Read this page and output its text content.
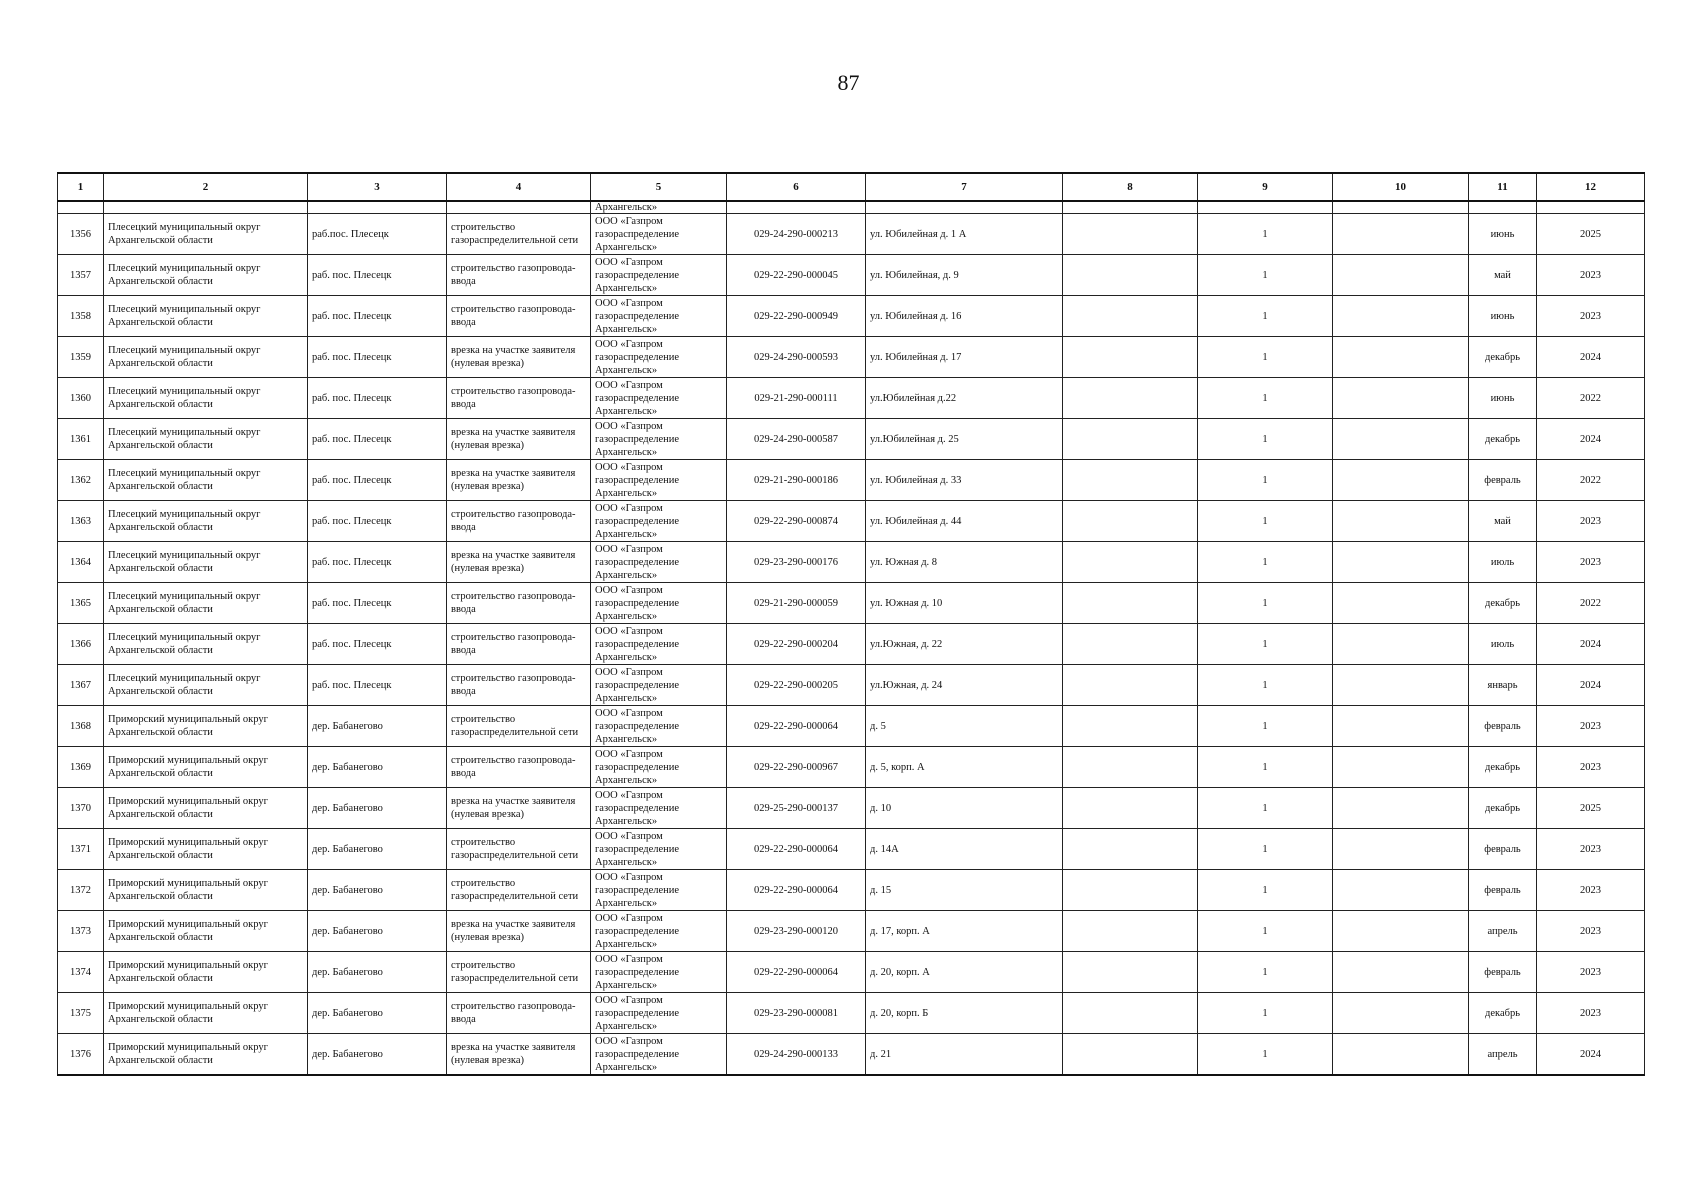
87
1	2	3	4	5	6	7	8	9	10	11	12
				Архангельск»							
1356	Плесецкий муниципальный округ Архангельской области	раб.пос. Плесецк	строительство газораспределительной сети	ООО «Газпром газораспределение Архангельск»	029-24-290-000213	ул. Юбилейная д. 1 А		1		июнь	2025
1357	Плесецкий муниципальный округ Архангельской области	раб. пос. Плесецк	строительство газопровода-ввода	ООО «Газпром газораспределение Архангельск»	029-22-290-000045	ул. Юбилейная, д. 9		1		май	2023
1358	Плесецкий муниципальный округ Архангельской области	раб. пос. Плесецк	строительство газопровода-ввода	ООО «Газпром газораспределение Архангельск»	029-22-290-000949	ул. Юбилейная д. 16		1		июнь	2023
1359	Плесецкий муниципальный округ Архангельской области	раб. пос. Плесецк	врезка на участке заявителя (нулевая врезка)	ООО «Газпром газораспределение Архангельск»	029-24-290-000593	ул. Юбилейная д. 17		1		декабрь	2024
1360	Плесецкий муниципальный округ Архангельской области	раб. пос. Плесецк	строительство газопровода-ввода	ООО «Газпром газораспределение Архангельск»	029-21-290-000111	ул.Юбилейная д.22		1		июнь	2022
1361	Плесецкий муниципальный округ Архангельской области	раб. пос. Плесецк	врезка на участке заявителя (нулевая врезка)	ООО «Газпром газораспределение Архангельск»	029-24-290-000587	ул.Юбилейная д. 25		1		декабрь	2024
1362	Плесецкий муниципальный округ Архангельской области	раб. пос. Плесецк	врезка на участке заявителя (нулевая врезка)	ООО «Газпром газораспределение Архангельск»	029-21-290-000186	ул. Юбилейная д. 33		1		февраль	2022
1363	Плесецкий муниципальный округ Архангельской области	раб. пос. Плесецк	строительство газопровода-ввода	ООО «Газпром газораспределение Архангельск»	029-22-290-000874	ул. Юбилейная д. 44		1		май	2023
1364	Плесецкий муниципальный округ Архангельской области	раб. пос. Плесецк	врезка на участке заявителя (нулевая врезка)	ООО «Газпром газораспределение Архангельск»	029-23-290-000176	ул. Южная д. 8		1		июль	2023
1365	Плесецкий муниципальный округ Архангельской области	раб. пос. Плесецк	строительство газопровода-ввода	ООО «Газпром газораспределение Архангельск»	029-21-290-000059	ул. Южная д. 10		1		декабрь	2022
1366	Плесецкий муниципальный округ Архангельской области	раб. пос. Плесецк	строительство газопровода-ввода	ООО «Газпром газораспределение Архангельск»	029-22-290-000204	ул.Южная, д. 22		1		июль	2024
1367	Плесецкий муниципальный округ Архангельской области	раб. пос. Плесецк	строительство газопровода-ввода	ООО «Газпром газораспределение Архангельск»	029-22-290-000205	ул.Южная, д. 24		1		январь	2024
1368	Приморский муниципальный округ Архангельской области	дер. Бабанегово	строительство газораспределительной сети	ООО «Газпром газораспределение Архангельск»	029-22-290-000064	д. 5		1		февраль	2023
1369	Приморский муниципальный округ Архангельской области	дер. Бабанегово	строительство газопровода-ввода	ООО «Газпром газораспределение Архангельск»	029-22-290-000967	д. 5, корп. А		1		декабрь	2023
1370	Приморский муниципальный округ Архангельской области	дер. Бабанегово	врезка на участке заявителя (нулевая врезка)	ООО «Газпром газораспределение Архангельск»	029-25-290-000137	д. 10		1		декабрь	2025
1371	Приморский муниципальный округ Архангельской области	дер. Бабанегово	строительство газораспределительной сети	ООО «Газпром газораспределение Архангельск»	029-22-290-000064	д. 14А		1		февраль	2023
1372	Приморский муниципальный округ Архангельской области	дер. Бабанегово	строительство газораспределительной сети	ООО «Газпром газораспределение Архангельск»	029-22-290-000064	д. 15		1		февраль	2023
1373	Приморский муниципальный округ Архангельской области	дер. Бабанегово	врезка на участке заявителя (нулевая врезка)	ООО «Газпром газораспределение Архангельск»	029-23-290-000120	д. 17, корп. А		1		апрель	2023
1374	Приморский муниципальный округ Архангельской области	дер. Бабанегово	строительство газораспределительной сети	ООО «Газпром газораспределение Архангельск»	029-22-290-000064	д. 20, корп. А		1		февраль	2023
1375	Приморский муниципальный округ Архангельской области	дер. Бабанегово	строительство газопровода-ввода	ООО «Газпром газораспределение Архангельск»	029-23-290-000081	д. 20, корп. Б		1		декабрь	2023
1376	Приморский муниципальный округ Архангельской области	дер. Бабанегово	врезка на участке заявителя (нулевая врезка)	ООО «Газпром газораспределение Архангельск»	029-24-290-000133	д. 21		1		апрель	2024
